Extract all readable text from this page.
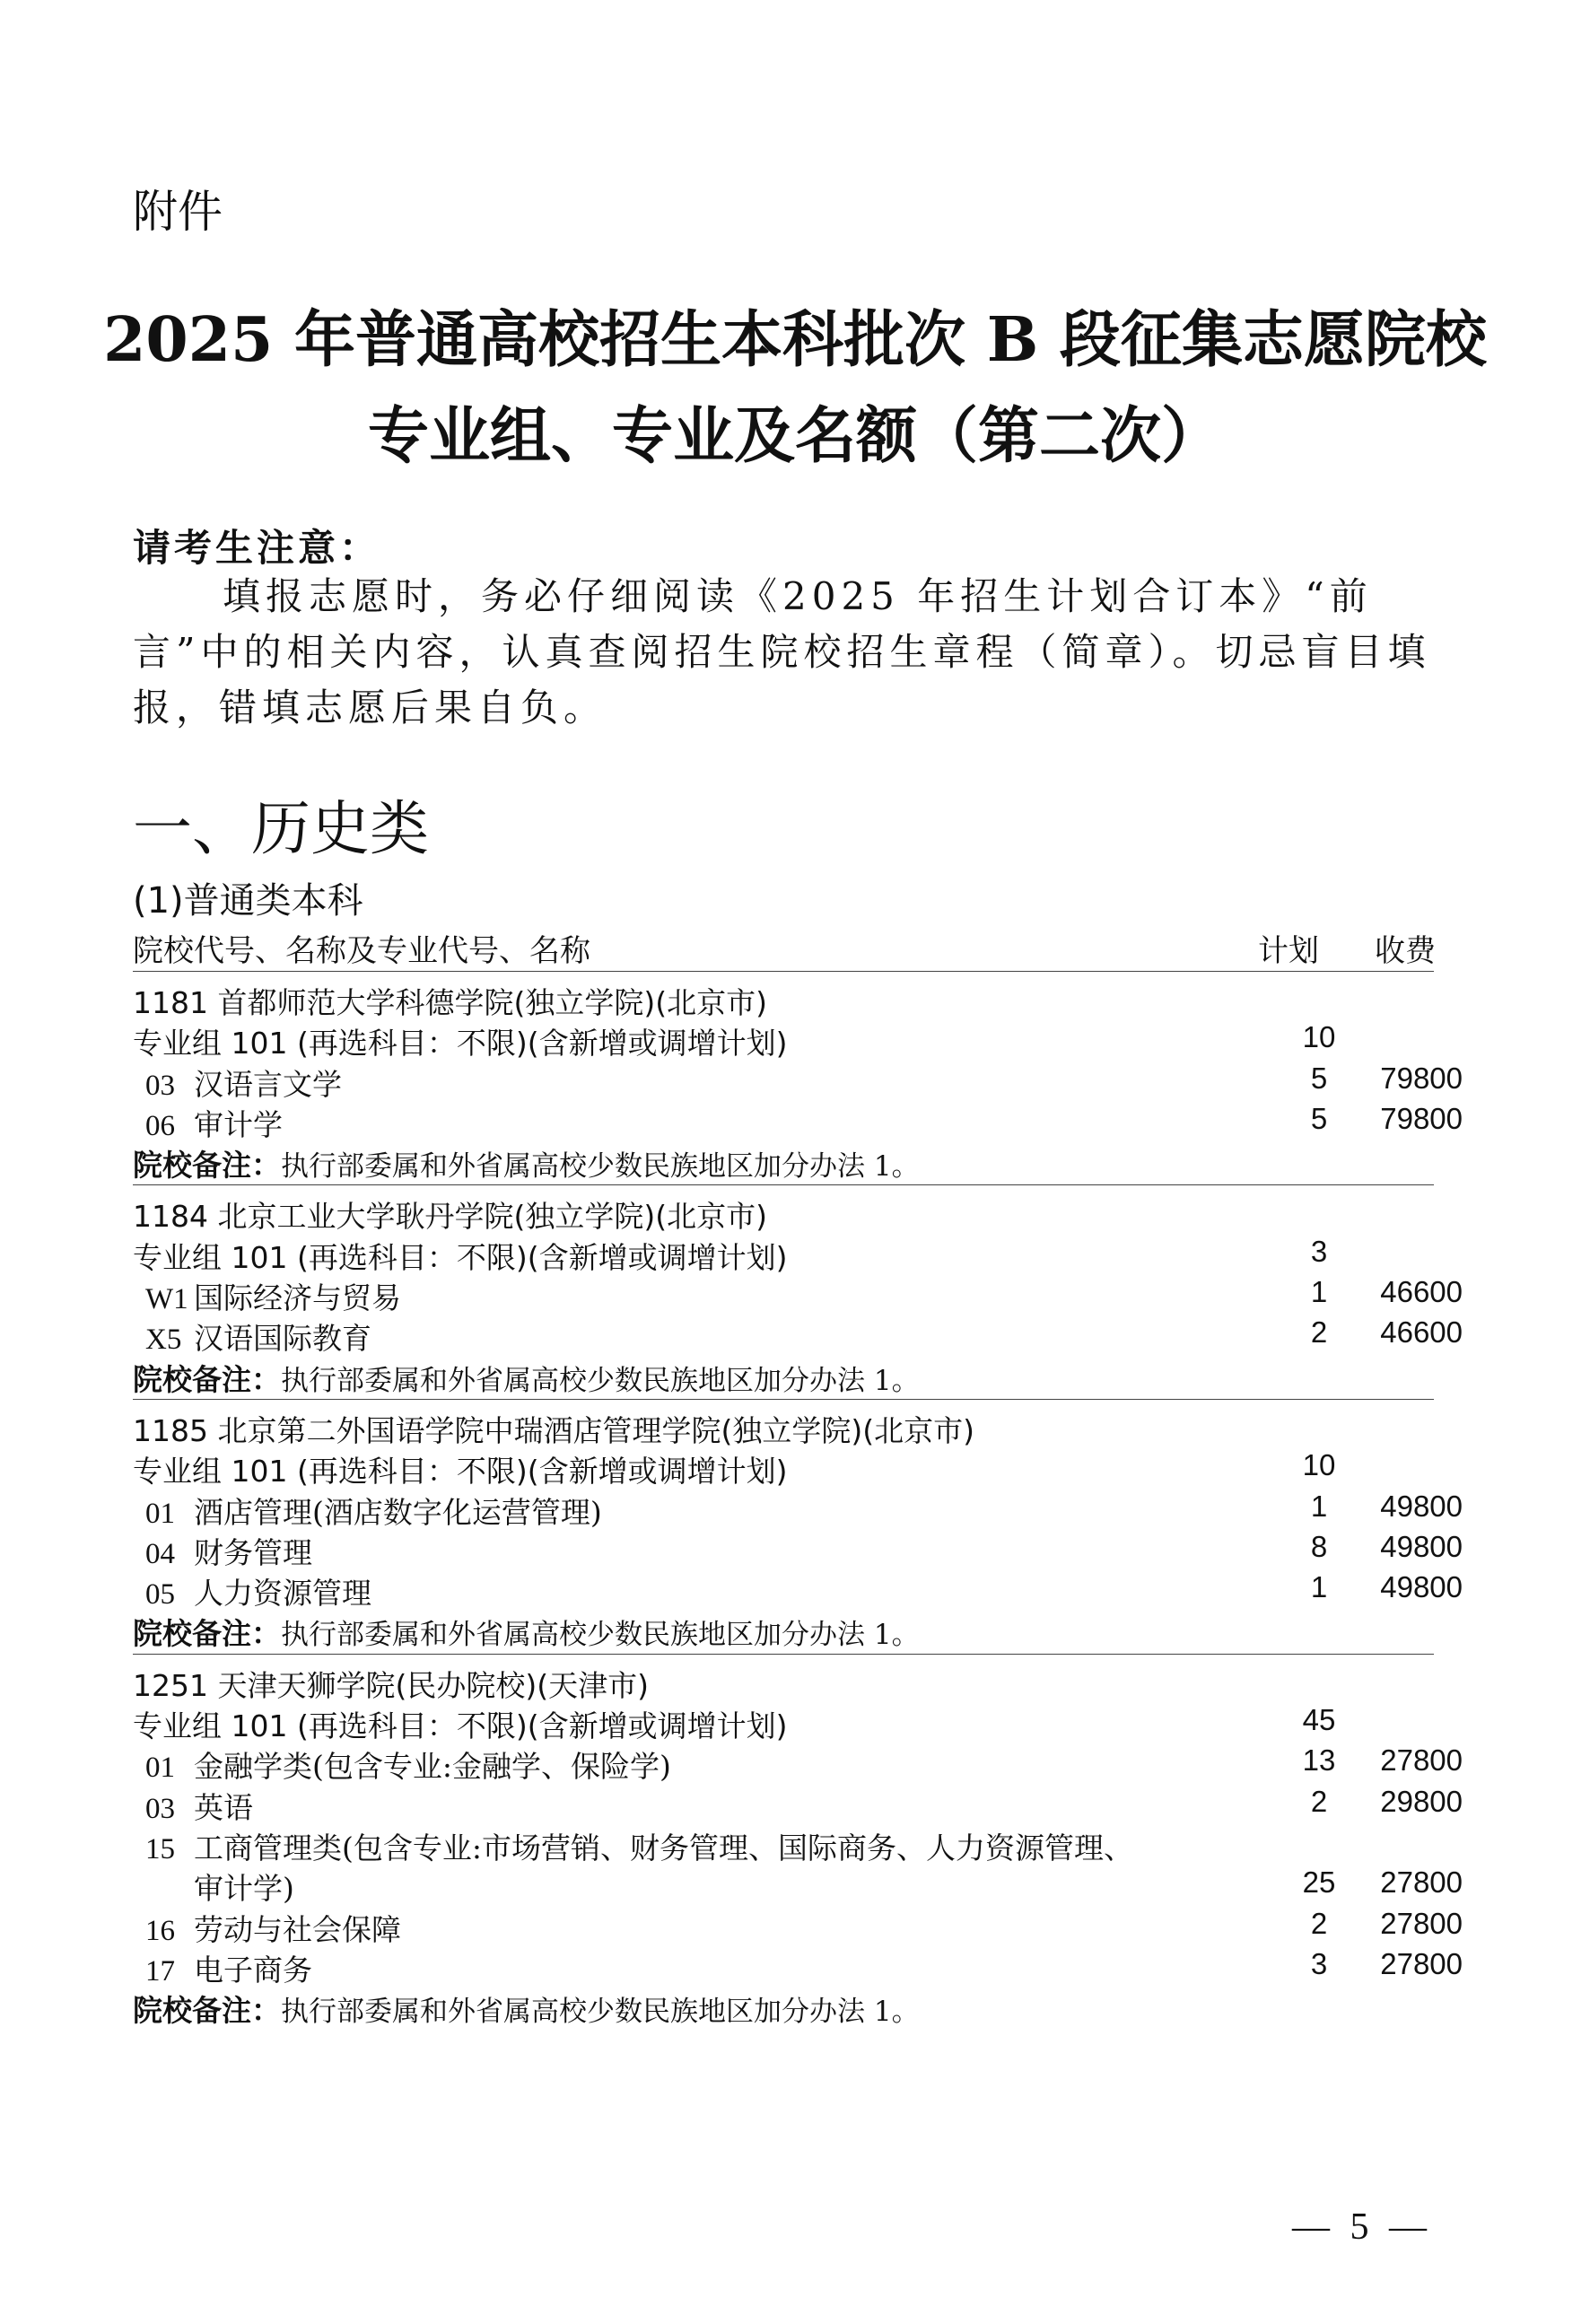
附件
2025 年普通高校招生本科批次 B 段征集志愿院校
专业组、专业及名额（第二次）
请考生注意：
填报志愿时，务必仔细阅读《2025 年招生计划合订本》“前言”中的相关内容，认真查阅招生院校招生章程（简章）。切忌盲目填报，错填志愿后果自负。
一、历史类
(1)普通类本科
院校代号、名称及专业代号、名称	计划 收费
1181 首都师范大学科德学院(独立学院)(北京市)
专业组 101 (再选科目：不限)(含新增或调增计划)	10
03 汉语言文学	5	79800
06 审计学	5	79800
院校备注：执行部委属和外省属高校少数民族地区加分办法 1。
1184 北京工业大学耿丹学院(独立学院)(北京市)
专业组 101 (再选科目：不限)(含新增或调增计划)	3
W1 国际经济与贸易	1	46600
X5 汉语国际教育	2	46600
院校备注：执行部委属和外省属高校少数民族地区加分办法 1。
1185 北京第二外国语学院中瑞酒店管理学院(独立学院)(北京市)
专业组 101 (再选科目：不限)(含新增或调增计划)	10
01 酒店管理(酒店数字化运营管理)	1	49800
04 财务管理	8	49800
05 人力资源管理	1	49800
院校备注：执行部委属和外省属高校少数民族地区加分办法 1。
1251 天津天狮学院(民办院校)(天津市)
专业组 101 (再选科目：不限)(含新增或调增计划)	45
01 金融学类(包含专业:金融学、保险学)	13	27800
03 英语	2	29800
15 工商管理类(包含专业:市场营销、财务管理、国际商务、人力资源管理、
审计学)	25	27800
16 劳动与社会保障	2	27800
17 电子商务	3	27800
院校备注：执行部委属和外省属高校少数民族地区加分办法 1。
— 5 —
